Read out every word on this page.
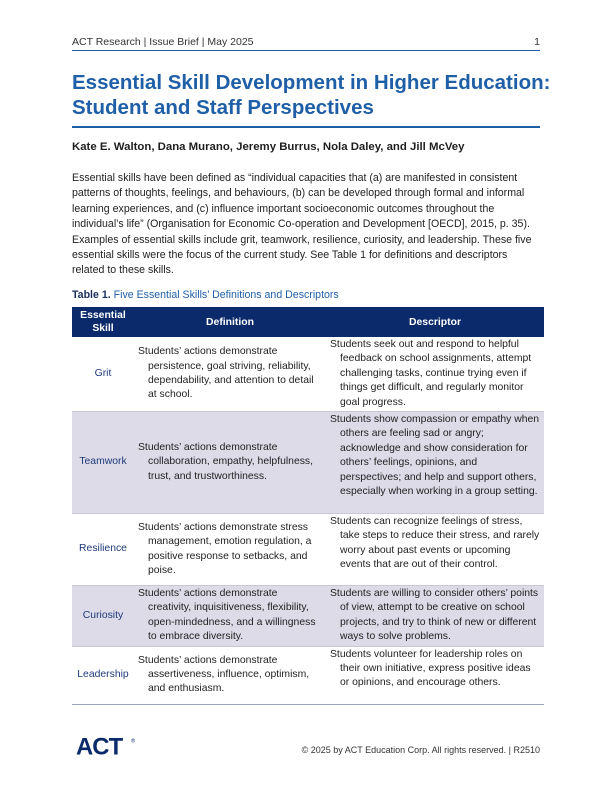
ACT Research | Issue Brief | May 2025	1
Essential Skill Development in Higher Education:
Student and Staff Perspectives
Kate E. Walton, Dana Murano, Jeremy Burrus, Nola Daley, and Jill McVey

Essential skills have been defined as “individual capacities that (a) are manifested in consistent patterns of thoughts, feelings, and behaviours, (b) can be developed through formal and informal learning experiences, and (c) influence important socioeconomic outcomes throughout the individual’s life” (Organisation for Economic Co-operation and Development [OECD], 2015, p. 35). Examples of essential skills include grit, teamwork, resilience, curiosity, and leadership. These five essential skills were the focus of the current study. See Table 1 for definitions and descriptors related to these skills.

Table 1. Five Essential Skills’ Definitions and Descriptors
Essential Skill	Definition	Descriptor
Grit	Students’ actions demonstrate persistence, goal striving, reliability, dependability, and attention to detail at school.	Students seek out and respond to helpful feedback on school assignments, attempt challenging tasks, continue trying even if things get difficult, and regularly monitor goal progress.
Teamwork	Students’ actions demonstrate collaboration, empathy, helpfulness, trust, and trustworthiness.	Students show compassion or empathy when others are feeling sad or angry; acknowledge and show consideration for others’ feelings, opinions, and perspectives; and help and support others, especially when working in a group setting.
Resilience	Students’ actions demonstrate stress management, emotion regulation, a positive response to setbacks, and poise.	Students can recognize feelings of stress, take steps to reduce their stress, and rarely worry about past events or upcoming events that are out of their control.
Curiosity	Students’ actions demonstrate creativity, inquisitiveness, flexibility, open-mindedness, and a willingness to embrace diversity.	Students are willing to consider others’ points of view, attempt to be creative on school projects, and try to think of new or different ways to solve problems.
Leadership	Students’ actions demonstrate assertiveness, influence, optimism, and enthusiasm.	Students volunteer for leadership roles on their own initiative, express positive ideas or opinions, and encourage others.
ACT ®
© 2025 by ACT Education Corp. All rights reserved. | R2510
